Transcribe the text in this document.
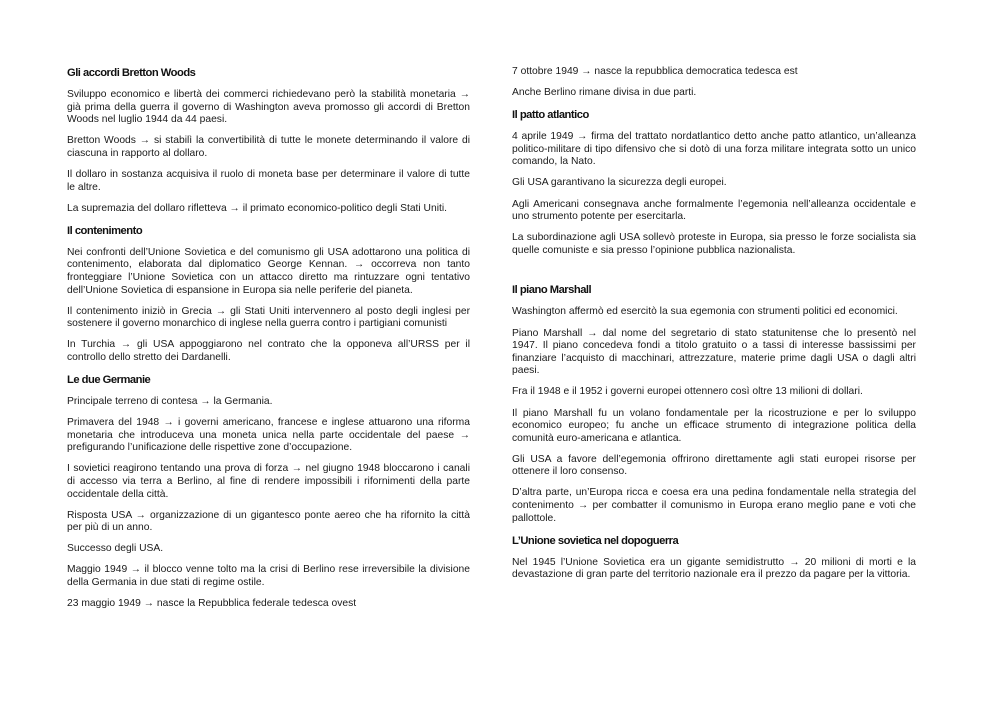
Gli accordi Bretton Woods

Sviluppo economico e libertà dei commerci richiedevano però la stabilità monetaria → già prima della guerra il governo di Washington aveva promosso gli accordi di Bretton Woods nel luglio 1944 da 44 paesi.

Bretton Woods → si stabilì la convertibilità di tutte le monete determinando il valore di ciascuna in rapporto al dollaro.

Il dollaro in sostanza acquisiva il ruolo di moneta base per determinare il valore di tutte le altre.

La supremazia del dollaro rifletteva → il primato economico-politico degli Stati Uniti.

Il contenimento

Nei confronti dell’Unione Sovietica e del comunismo gli USA adottarono una politica di contenimento, elaborata dal diplomatico George Kennan. → occorreva non tanto fronteggiare l’Unione Sovietica con un attacco diretto ma rintuzzare ogni tentativo dell’Unione Sovietica di espansione in Europa sia nelle periferie del pianeta.

Il contenimento iniziò in Grecia → gli Stati Uniti intervennero al posto degli inglesi per sostenere il governo monarchico di inglese nella guerra contro i partigiani comunisti

In Turchia → gli USA appoggiarono nel contrato che la opponeva all’URSS per il controllo dello stretto dei Dardanelli.

Le due Germanie

Principale terreno di contesa → la Germania.

Primavera del 1948 → i governi americano, francese e inglese attuarono una riforma monetaria che introduceva una moneta unica nella parte occidentale del paese → prefigurando l’unificazione delle rispettive zone d’occupazione.

I sovietici reagirono tentando una prova di forza → nel giugno 1948 bloccarono i canali di accesso via terra a Berlino, al fine di rendere impossibili i rifornimenti della parte occidentale della città.

Risposta USA → organizzazione di un gigantesco ponte aereo che ha rifornito la città per più di un anno.

Successo degli USA.

Maggio 1949 → il blocco venne tolto ma la crisi di Berlino rese irreversibile la divisione della Germania in due stati di regime ostile.

23 maggio 1949 → nasce la Repubblica federale tedesca ovest

7 ottobre 1949 → nasce la repubblica democratica tedesca est

Anche Berlino rimane divisa in due parti.

Il patto atlantico

4 aprile 1949 → firma del trattato nordatlantico detto anche patto atlantico, un’alleanza politico-militare di tipo difensivo che si dotò di una forza militare integrata sotto un unico comando, la Nato.

Gli USA garantivano la sicurezza degli europei.

Agli Americani consegnava anche formalmente l’egemonia nell’alleanza occidentale e uno strumento potente per esercitarla.

La subordinazione agli USA sollevò proteste in Europa, sia presso le forze socialista sia quelle comuniste e sia presso l’opinione pubblica nazionalista.

Il piano Marshall

Washington affermò ed esercitò la sua egemonia con strumenti politici ed economici.

Piano Marshall → dal nome del segretario di stato statunitense che lo presentò nel 1947. Il piano concedeva fondi a titolo gratuito o a tassi di interesse bassissimi per finanziare l’acquisto di macchinari, attrezzature, materie prime dagli USA o dagli altri paesi.

Fra il 1948 e il 1952 i governi europei ottennero così oltre 13 milioni di dollari.

Il piano Marshall fu un volano fondamentale per la ricostruzione e per lo sviluppo economico europeo; fu anche un efficace strumento di integrazione politica della comunità euro-americana e atlantica.

Gli USA a favore dell’egemonia offrirono direttamente agli stati europei risorse per ottenere il loro consenso.

D’altra parte, un’Europa ricca e coesa era una pedina fondamentale nella strategia del contenimento → per combatter il comunismo in Europa erano meglio pane e voti che pallottole.

L’Unione sovietica nel dopoguerra

Nel 1945 l’Unione Sovietica era un gigante semidistrutto → 20 milioni di morti e la devastazione di gran parte del territorio nazionale era il prezzo da pagare per la vittoria.
